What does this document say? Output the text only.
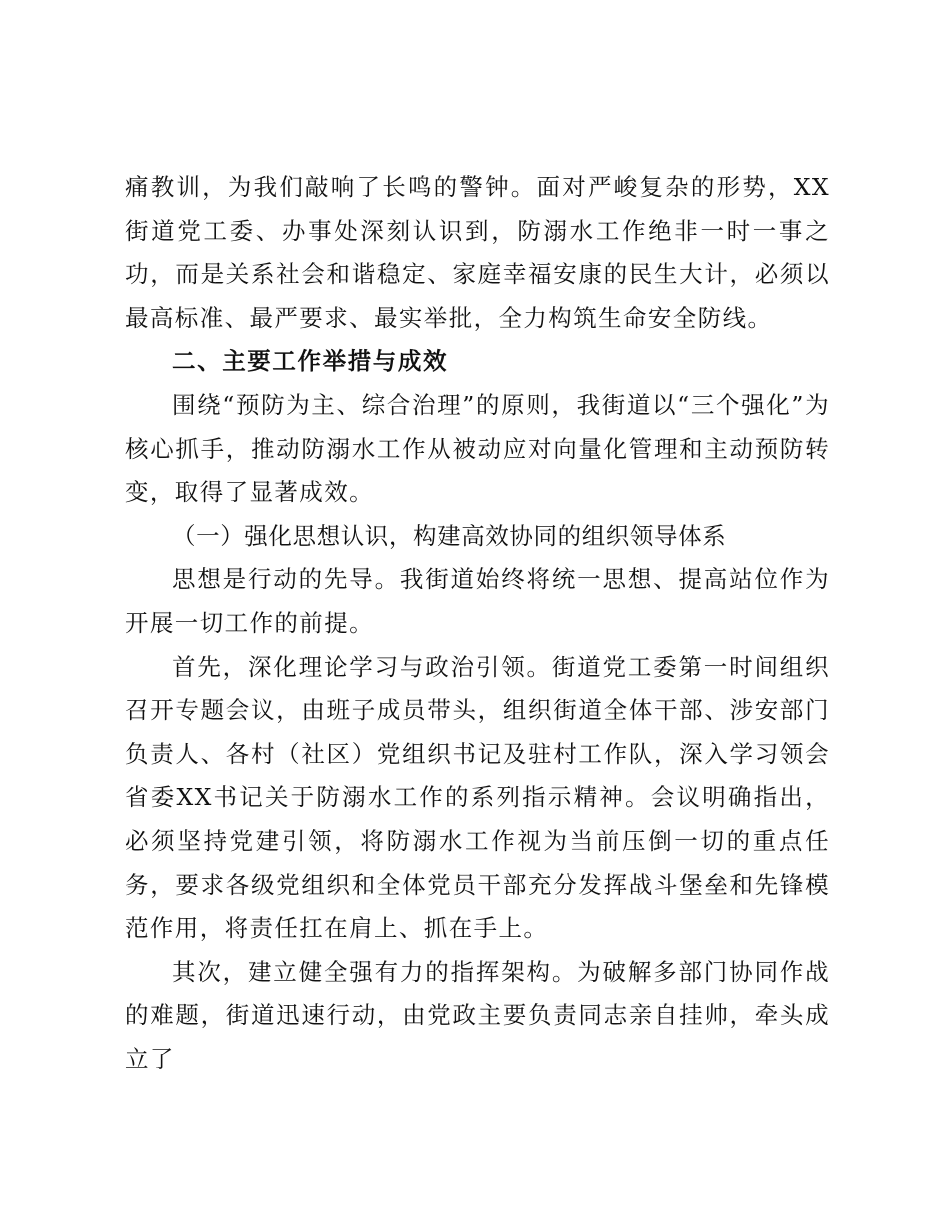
痛教训，为我们敲响了长鸣的警钟。面对严峻复杂的形势，XX街道党工委、办事处深刻认识到，防溺水工作绝非一时一事之功，而是关系社会和谐稳定、家庭幸福安康的民生大计，必须以最高标准、最严要求、最实举批，全力构筑生命安全防线。

二、主要工作举措与成效

围绕“预防为主、综合治理”的原则，我街道以“三个强化”为核心抓手，推动防溺水工作从被动应对向量化管理和主动预防转变，取得了显著成效。

（一）强化思想认识，构建高效协同的组织领导体系

思想是行动的先导。我街道始终将统一思想、提高站位作为开展一切工作的前提。

首先，深化理论学习与政治引领。街道党工委第一时间组织召开专题会议，由班子成员带头，组织街道全体干部、涉安部门负责人、各村（社区）党组织书记及驻村工作队，深入学习领会省委XX书记关于防溺水工作的系列指示精神。会议明确指出，必须坚持党建引领，将防溺水工作视为当前压倒一切的重点任务，要求各级党组织和全体党员干部充分发挥战斗堡垒和先锋模范作用，将责任扛在肩上、抓在手上。

其次，建立健全强有力的指挥架构。为破解多部门协同作战的难题，街道迅速行动，由党政主要负责同志亲自挂帅，牵头成立了
